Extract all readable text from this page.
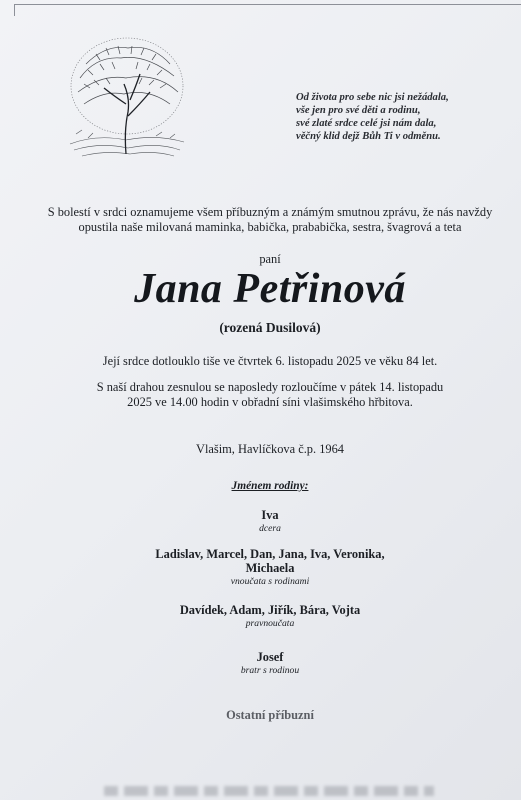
Od života pro sebe nic jsi nežádala,
vše jen pro své děti a rodinu,
své zlaté srdce celé jsi nám dala,
věčný klid dejž Bůh Ti v odměnu.
S bolestí v srdci oznamujeme všem příbuzným a známým smutnou zprávu, že nás navždy
opustila naše milovaná maminka, babička, prababička, sestra, švagrová a teta
paní
Jana Petřinová
(rozená Dusilová)
Její srdce dotlouklo tiše ve čtvrtek 6. listopadu 2025 ve věku 84 let.
S naší drahou zesnulou se naposledy rozloučíme v pátek 14. listopadu
2025 ve 14.00 hodin v obřadní síni vlašimského hřbitova.
Vlašim, Havlíčkova č.p. 1964
Jménem rodiny:
Iva
dcera
Ladislav, Marcel, Dan, Jana, Iva, Veronika,
Michaela
vnoučata s rodinami
Davídek, Adam, Jiřík, Bára, Vojta
pravnoučata
Josef
bratr s rodinou
Ostatní příbuzní
